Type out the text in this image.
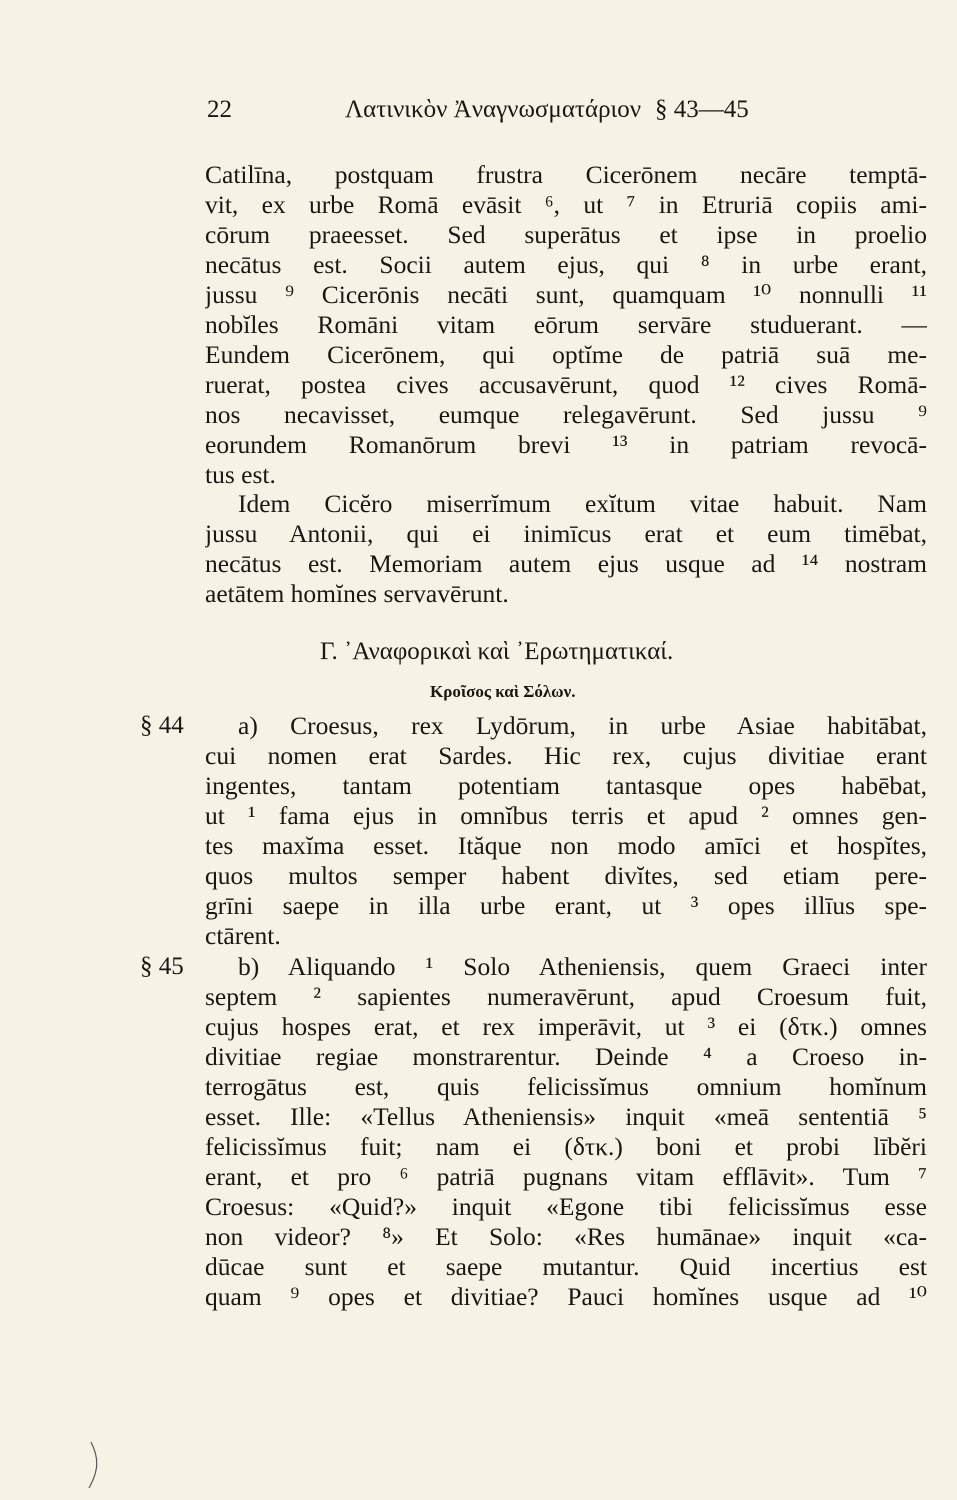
22	Λατινικὸν Ἀναγνωσματάριον § 43—45
Catilīna, postquam frustra Cicerōnem necāre temptā-
vit, ex urbe Romā evāsit ⁶, ut ⁷ in Etruriā copiis ami-
cōrum praeesset. Sed superātus et ipse in proelio
necātus est. Socii autem ejus, qui ⁸ in urbe erant,
jussu ⁹ Cicerōnis necāti sunt, quamquam ¹⁰ nonnulli ¹¹
nobĭles Romāni vitam eōrum servāre studuerant. —
Eundem Cicerōnem, qui optĭme de patriā suā me-
ruerat, postea cives accusavērunt, quod ¹² cives Romā-
nos necavisset, eumque relegavērunt. Sed jussu ⁹
eorundem Romanōrum brevi ¹³ in patriam revocā-
tus est.
Idem Cicĕro miserrĭmum exĭtum vitae habuit. Nam
jussu Antonii, qui ei inimīcus erat et eum timēbat,
necātus est. Memoriam autem ejus usque ad ¹⁴ nostram
aetātem homĭnes servavērunt.
Γ. ᾿Αναφορικαὶ καὶ ᾿Ερωτηματικαί.
Κροῖσος καὶ Σόλων.
§ 44 a) Croesus, rex Lydōrum, in urbe Asiae habitābat,
cui nomen erat Sardes. Hic rex, cujus divitiae erant
ingentes, tantam potentiam tantasque opes habēbat,
ut ¹ fama ejus in omnĭbus terris et apud ² omnes gen-
tes maxĭma esset. Ităque non modo amīci et hospĭtes,
quos multos semper habent divĭtes, sed etiam pere-
grīni saepe in illa urbe erant, ut ³ opes illīus spe-
ctārent.
§ 45 b) Aliquando ¹ Solo Atheniensis, quem Graeci inter
septem ² sapientes numeravērunt, apud Croesum fuit,
cujus hospes erat, et rex imperāvit, ut ³ ei (δτκ.) omnes
divitiae regiae monstrarentur. Deinde ⁴ a Croeso in-
terrogātus est, quis felicissĭmus omnium homĭnum
esset. Ille: «Tellus Atheniensis» inquit «meā sententiā ⁵
felicissĭmus fuit; nam ei (δτκ.) boni et probi lībĕri
erant, et pro ⁶ patriā pugnans vitam efflāvit». Tum ⁷
Croesus: «Quid?» inquit «Egone tibi felicissĭmus esse
non videor? ⁸» Et Solo: «Res humānae» inquit «ca-
dūcae sunt et saepe mutantur. Quid incertius est
quam ⁹ opes et divitiae? Pauci homĭnes usque ad ¹⁰
